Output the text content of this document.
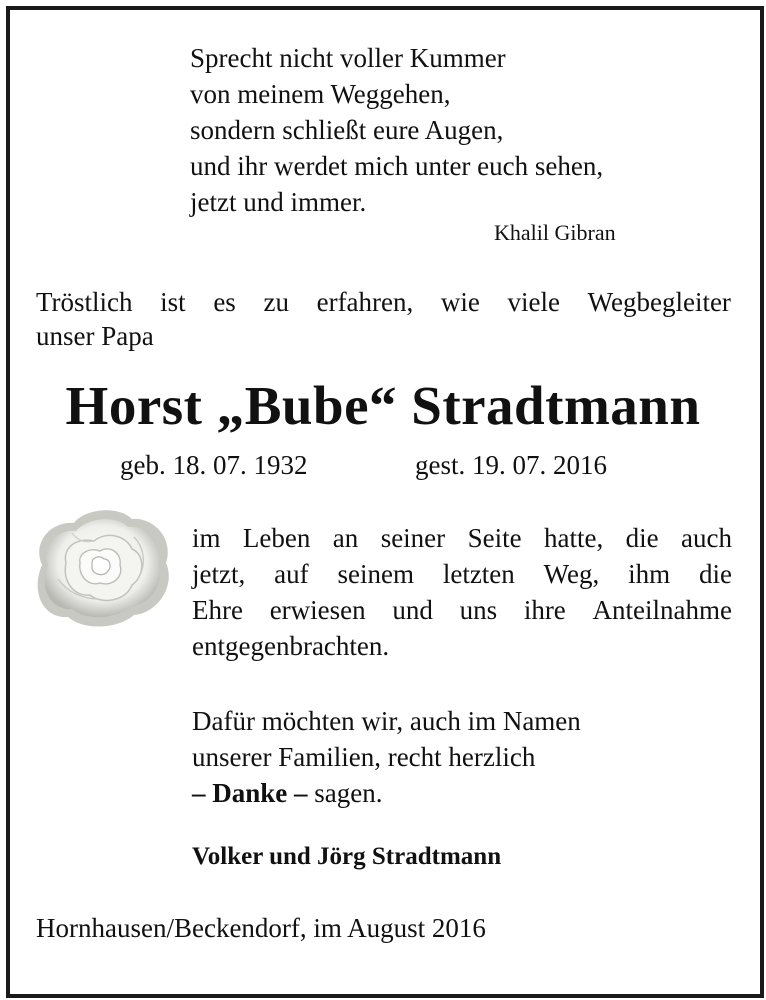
Sprecht nicht voller Kummer
von meinem Weggehen,
sondern schließt eure Augen,
und ihr werdet mich unter euch sehen,
jetzt und immer.
Khalil Gibran
Tröstlich ist es zu erfahren, wie viele Wegbegleiter
unser Papa
Horst „Bube“ Stradtmann
geb. 18. 07. 1932	gest. 19. 07. 2016
im Leben an seiner Seite hatte, die auch
jetzt, auf seinem letzten Weg, ihm die
Ehre erwiesen und uns ihre Anteilnahme
entgegenbrachten.
Dafür möchten wir, auch im Namen
unserer Familien, recht herzlich
– Danke – sagen.
Volker und Jörg Stradtmann
Hornhausen/Beckendorf, im August 2016
